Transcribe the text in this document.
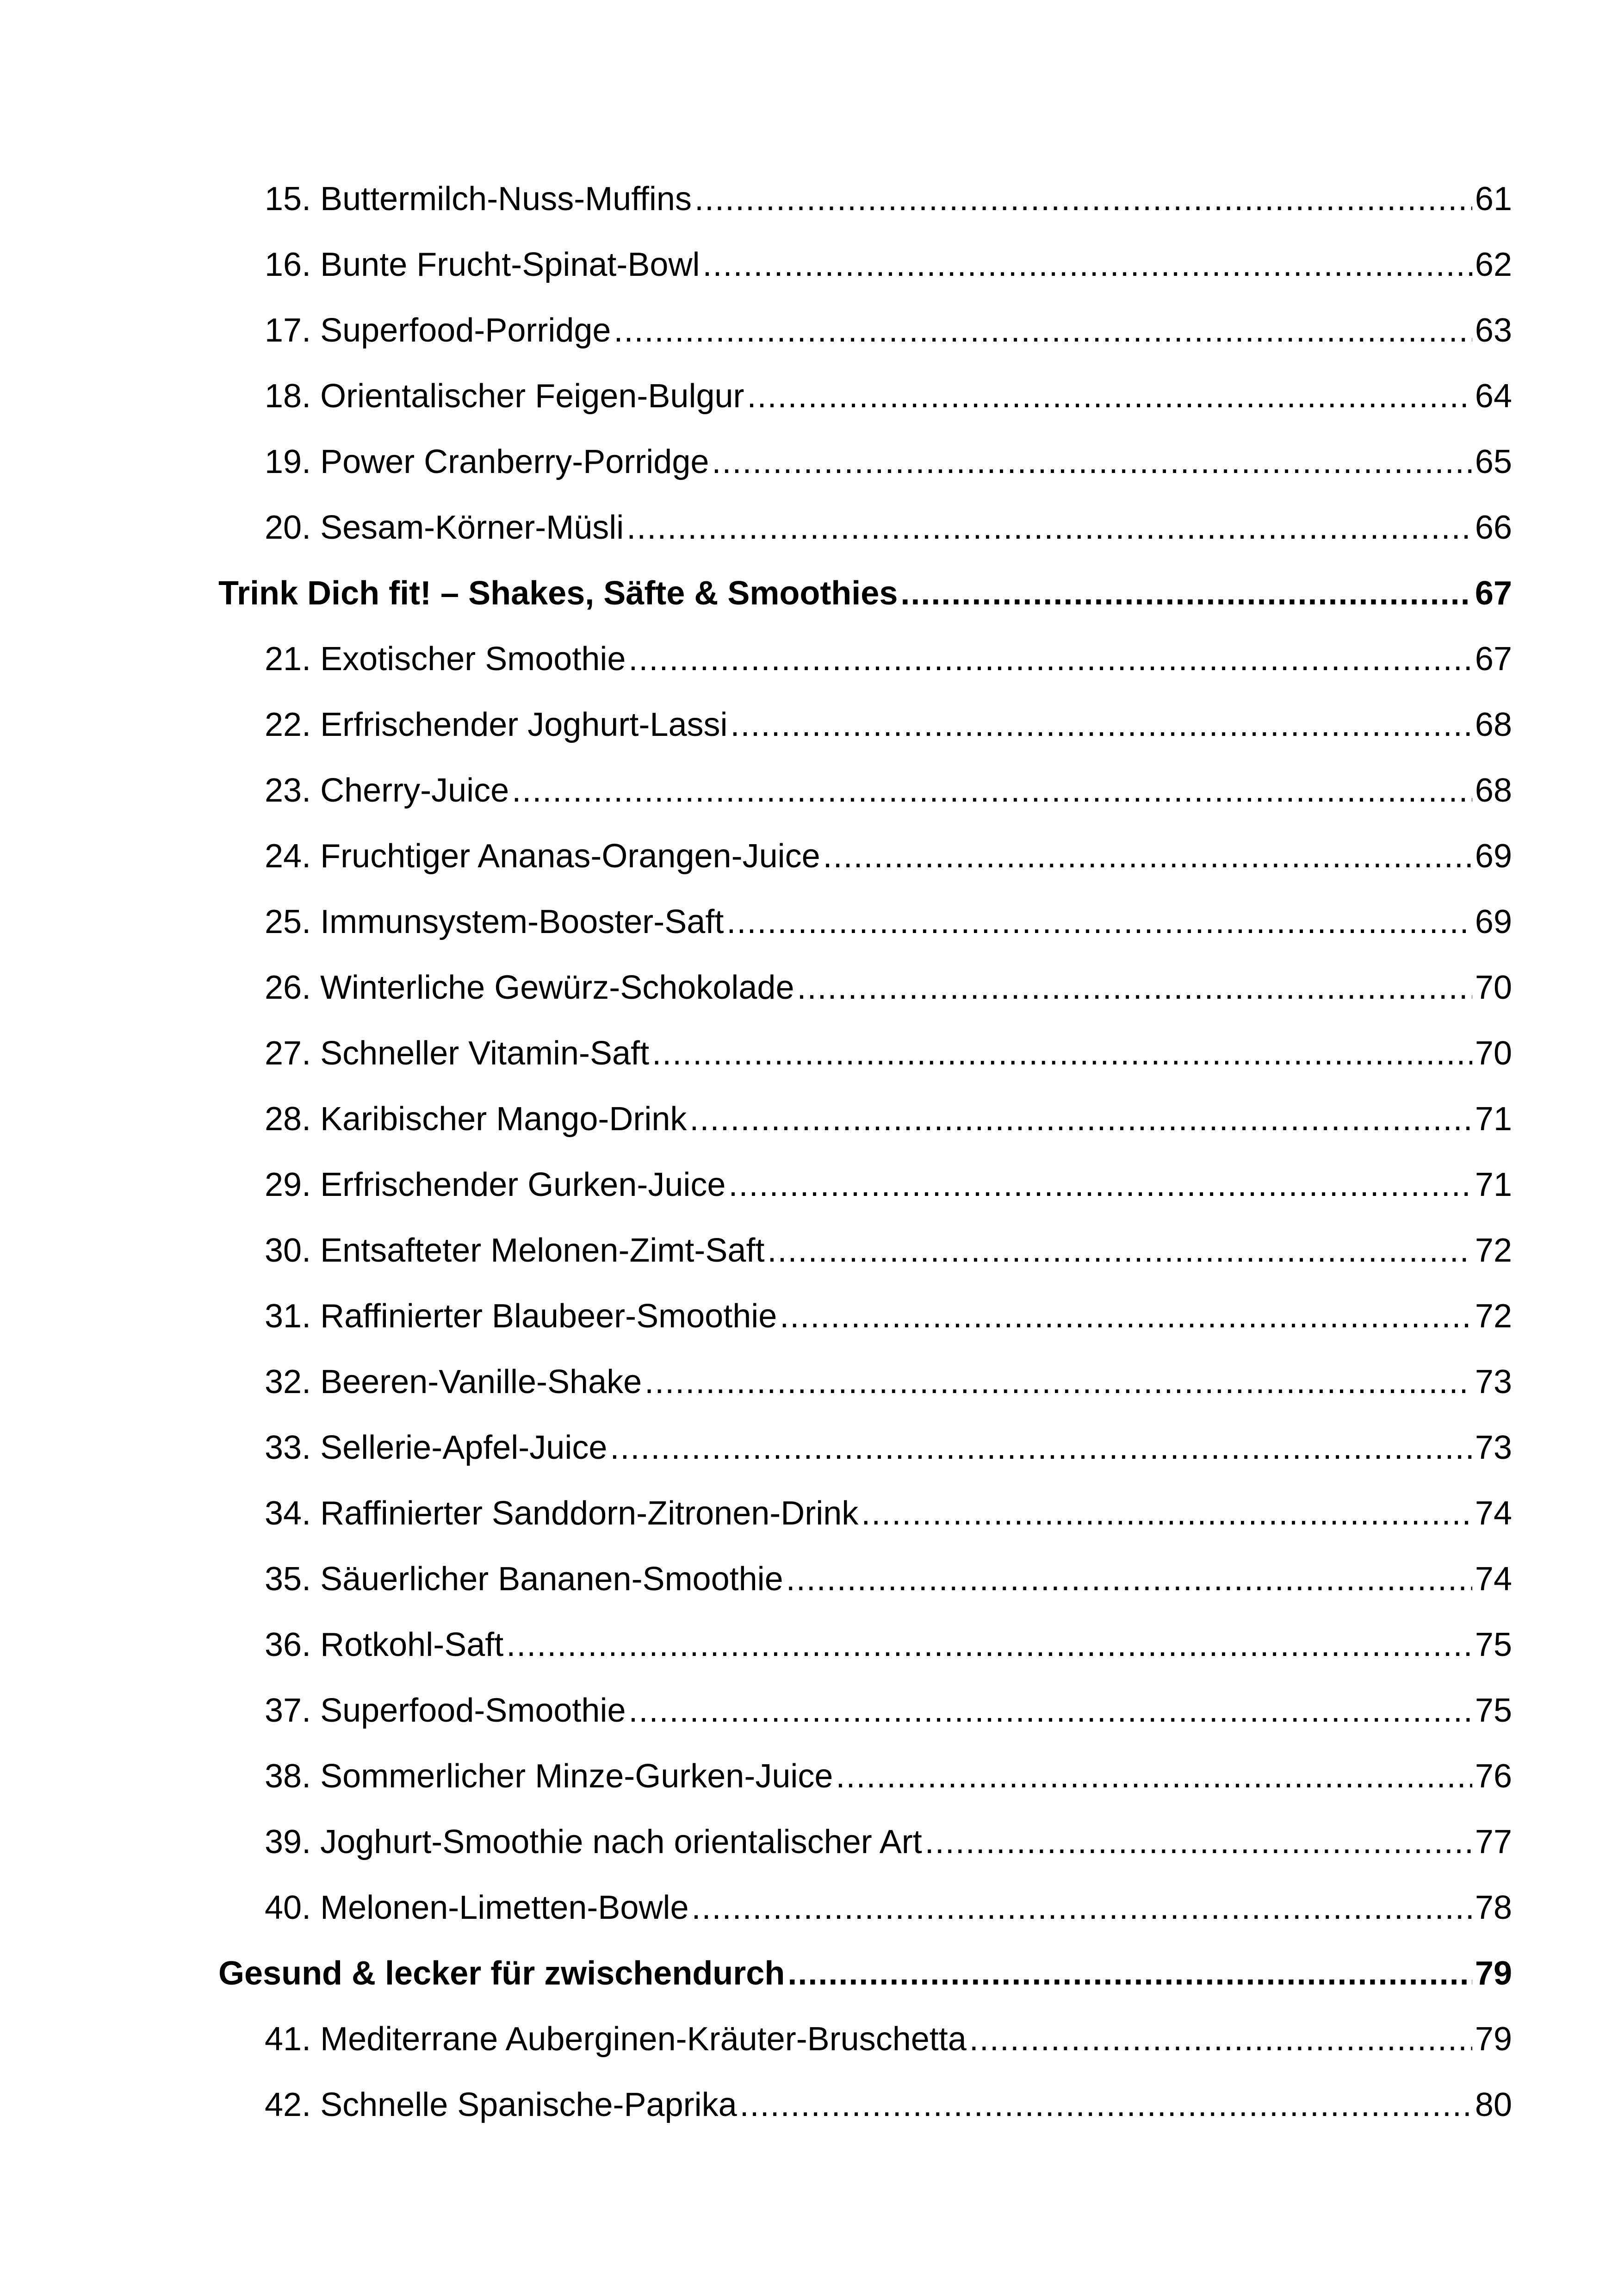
15. Buttermilch-Nuss-Muffins .....	61
16. Bunte Frucht-Spinat-Bowl .....	62
17. Superfood-Porridge .....	63
18. Orientalischer Feigen-Bulgur .....	64
19. Power Cranberry-Porridge .....	65
20. Sesam-Körner-Müsli .....	66
Trink Dich fit! – Shakes, Säfte & Smoothies .....	67
21. Exotischer Smoothie .....	67
22. Erfrischender Joghurt-Lassi .....	68
23. Cherry-Juice .....	68
24. Fruchtiger Ananas-Orangen-Juice .....	69
25. Immunsystem-Booster-Saft .....	69
26. Winterliche Gewürz-Schokolade .....	70
27. Schneller Vitamin-Saft .....	70
28. Karibischer Mango-Drink .....	71
29. Erfrischender Gurken-Juice .....	71
30. Entsafteter Melonen-Zimt-Saft .....	72
31. Raffinierter Blaubeer-Smoothie .....	72
32. Beeren-Vanille-Shake .....	73
33. Sellerie-Apfel-Juice .....	73
34. Raffinierter Sanddorn-Zitronen-Drink .....	74
35. Säuerlicher Bananen-Smoothie .....	74
36. Rotkohl-Saft .....	75
37. Superfood-Smoothie .....	75
38. Sommerlicher Minze-Gurken-Juice .....	76
39. Joghurt-Smoothie nach orientalischer Art .....	77
40. Melonen-Limetten-Bowle .....	78
Gesund & lecker für zwischendurch .....	79
41. Mediterrane Auberginen-Kräuter-Bruschetta .....	79
42. Schnelle Spanische-Paprika .....	80
